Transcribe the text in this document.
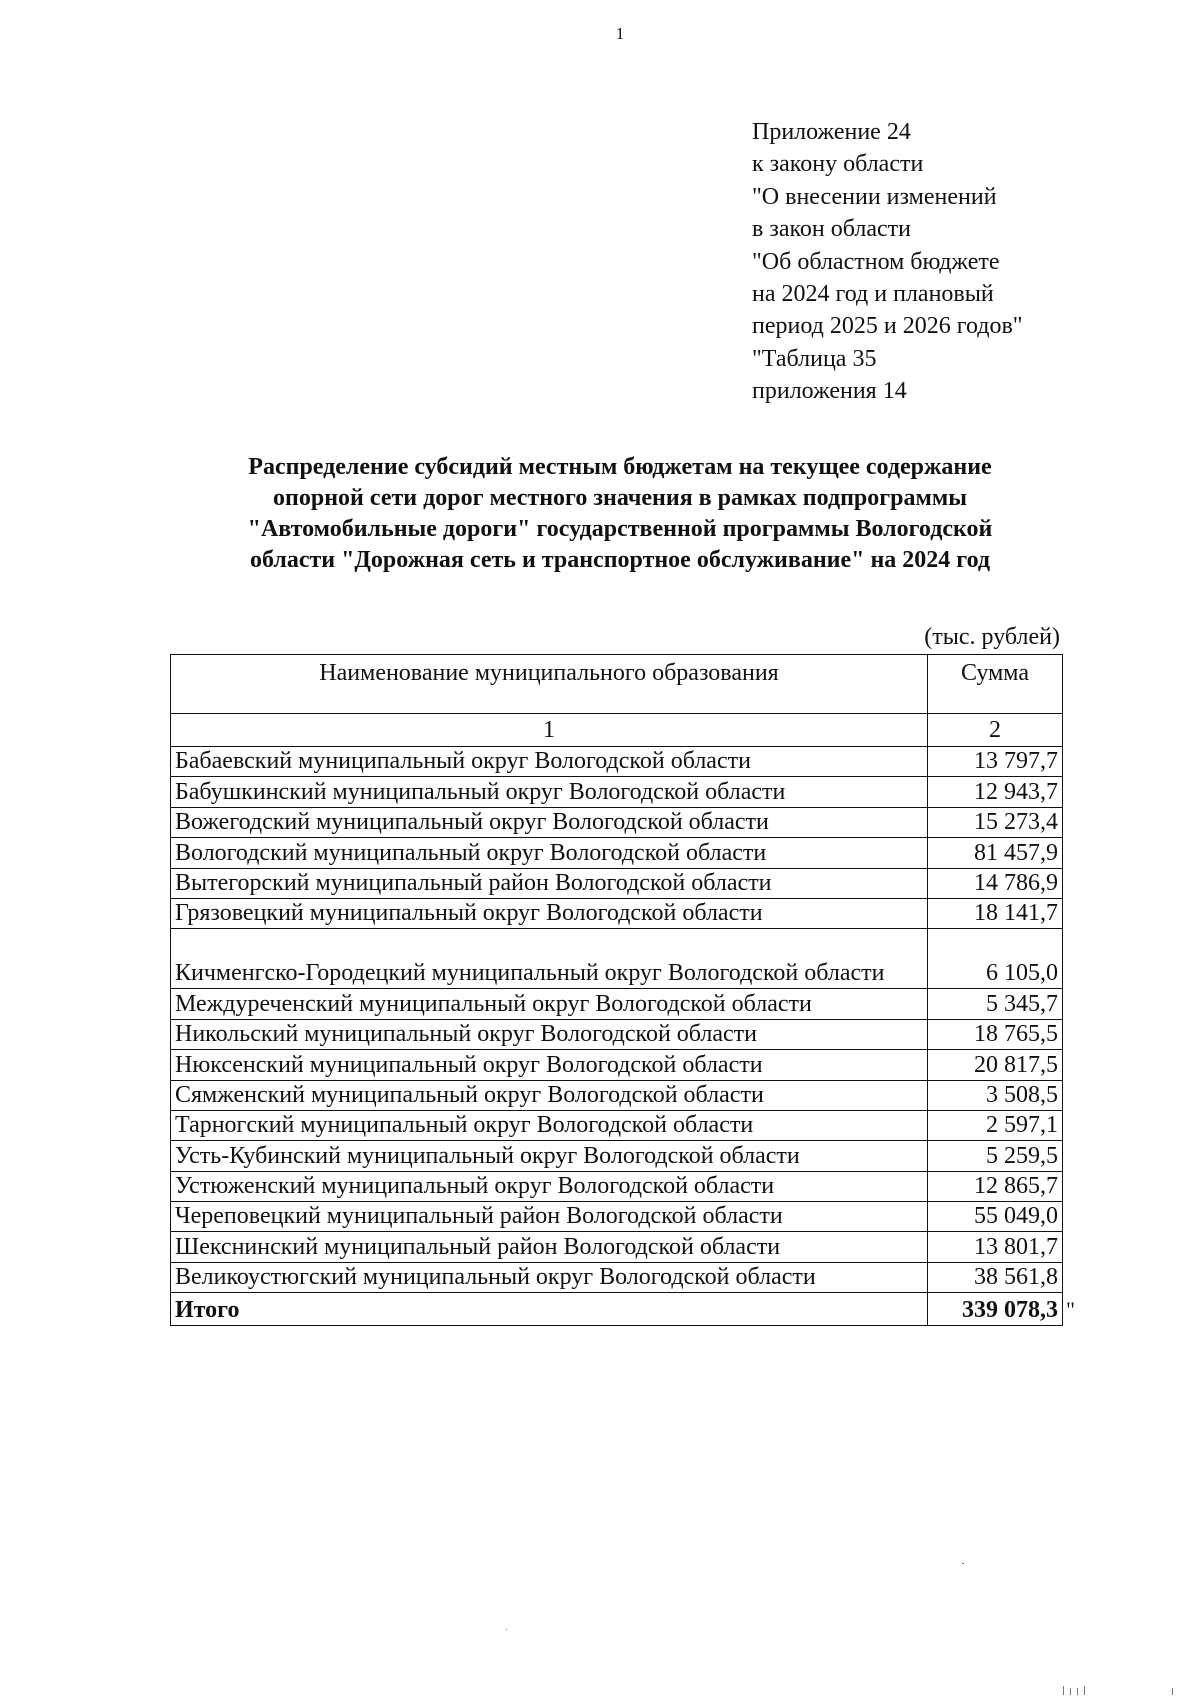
1
Приложение 24
к закону области
"О внесении изменений
в закон области
"Об областном бюджете
на 2024 год и плановый
период 2025 и 2026 годов"
"Таблица 35
приложения 14
Распределение субсидий местным бюджетам на текущее содержание
опорной сети дорог местного значения в рамках подпрограммы
"Автомобильные дороги" государственной программы Вологодской
области "Дорожная сеть и транспортное обслуживание" на 2024 год
(тыс. рублей)
Наименование муниципального образования	Сумма
1	2
Бабаевский муниципальный округ Вологодской области	13 797,7
Бабушкинский муниципальный округ Вологодской области	12 943,7
Вожегодский муниципальный округ Вологодской области	15 273,4
Вологодский муниципальный округ Вологодской области	81 457,9
Вытегорский муниципальный район Вологодской области	14 786,9
Грязовецкий муниципальный округ Вологодской области	18 141,7
Кичменгско-Городецкий муниципальный округ Вологодской области	6 105,0
Междуреченский муниципальный округ Вологодской области	5 345,7
Никольский муниципальный округ Вологодской области	18 765,5
Нюксенский муниципальный округ Вологодской области	20 817,5
Сямженский муниципальный округ Вологодской области	3 508,5
Тарногский муниципальный округ Вологодской области	2 597,1
Усть-Кубинский муниципальный округ Вологодской области	5 259,5
Устюженский муниципальный округ Вологодской области	12 865,7
Череповецкий муниципальный район Вологодской области	55 049,0
Шекснинский муниципальный район Вологодской области	13 801,7
Великоустюгский муниципальный округ Вологодской области	38 561,8
Итого	339 078,3 "
